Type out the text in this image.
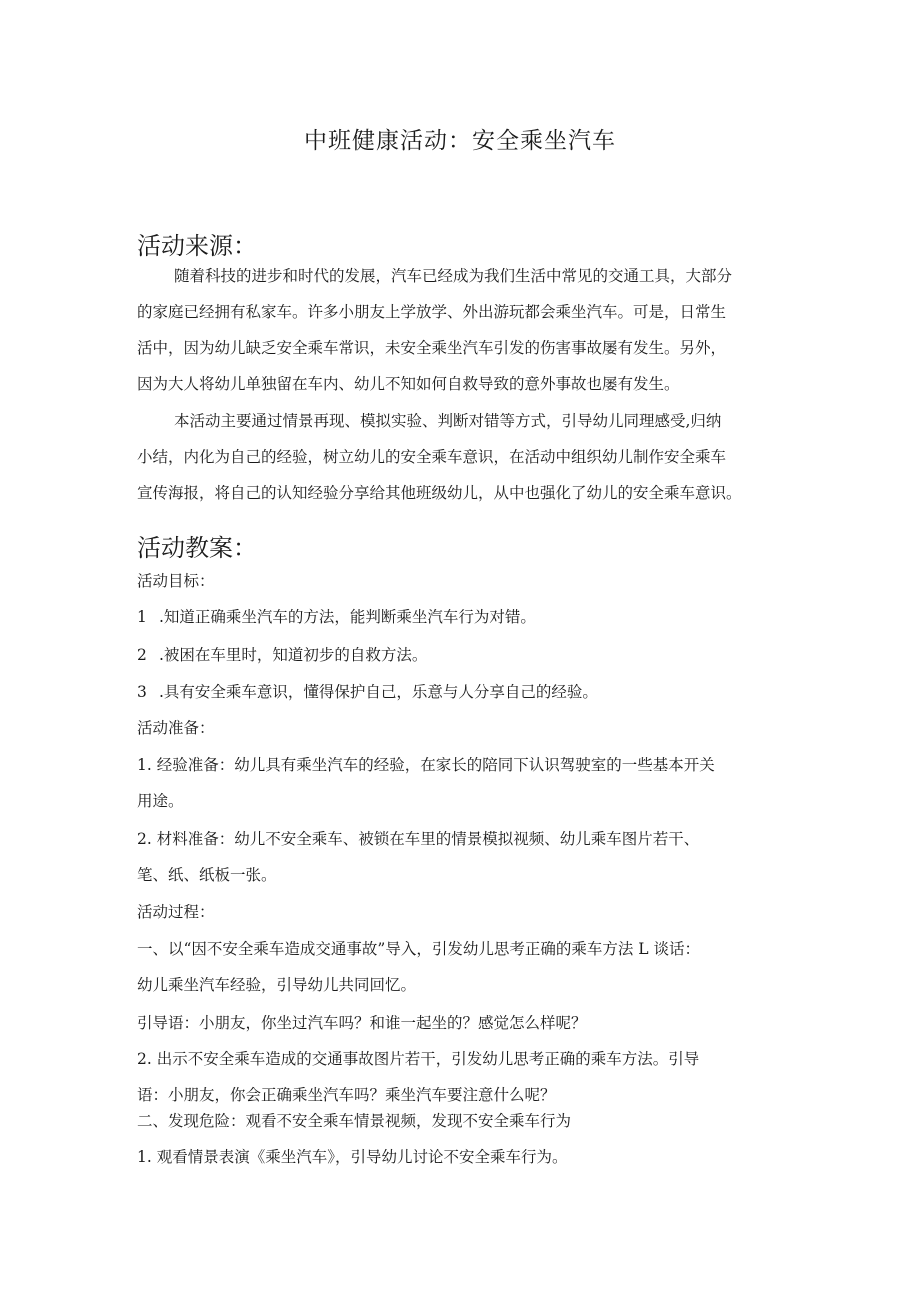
中班健康活动：安全乘坐汽车
活动来源：
随着科技的进步和时代的发展，汽车已经成为我们生活中常见的交通工具，大部分
的家庭已经拥有私家车。许多小朋友上学放学、外出游玩都会乘坐汽车。可是，日常生
活中，因为幼儿缺乏安全乘车常识，未安全乘坐汽车引发的伤害事故屡有发生。另外，
因为大人将幼儿单独留在车内、幼儿不知如何自救导致的意外事故也屡有发生。
本活动主要通过情景再现、模拟实验、判断对错等方式，引导幼儿同理感受,归纳
小结，内化为自己的经验，树立幼儿的安全乘车意识，在活动中组织幼儿制作安全乘车
宣传海报，将自己的认知经验分享给其他班级幼儿，从中也强化了幼儿的安全乘车意识。
活动教案：
活动目标：
1 .知道正确乘坐汽车的方法，能判断乘坐汽车行为对错。
2 .被困在车里时，知道初步的自救方法。
3 .具有安全乘车意识，懂得保护自己，乐意与人分享自己的经验。
活动准备：
1. 经验准备：幼儿具有乘坐汽车的经验，在家长的陪同下认识驾驶室的一些基本开关
用途。
2. 材料准备：幼儿不安全乘车、被锁在车里的情景模拟视频、幼儿乘车图片若干、
笔、纸、纸板一张。
活动过程：
一、以“因不安全乘车造成交通事故”导入，引发幼儿思考正确的乘车方法 L 谈话：
幼儿乘坐汽车经验，引导幼儿共同回忆。
引导语：小朋友，你坐过汽车吗？和谁一起坐的？感觉怎么样呢？
2. 出示不安全乘车造成的交通事故图片若干，引发幼儿思考正确的乘车方法。引导
语：小朋友，你会正确乘坐汽车吗？乘坐汽车要注意什么呢？
二、发现危险：观看不安全乘车情景视频，发现不安全乘车行为
1. 观看情景表演《乘坐汽车》，引导幼儿讨论不安全乘车行为。
